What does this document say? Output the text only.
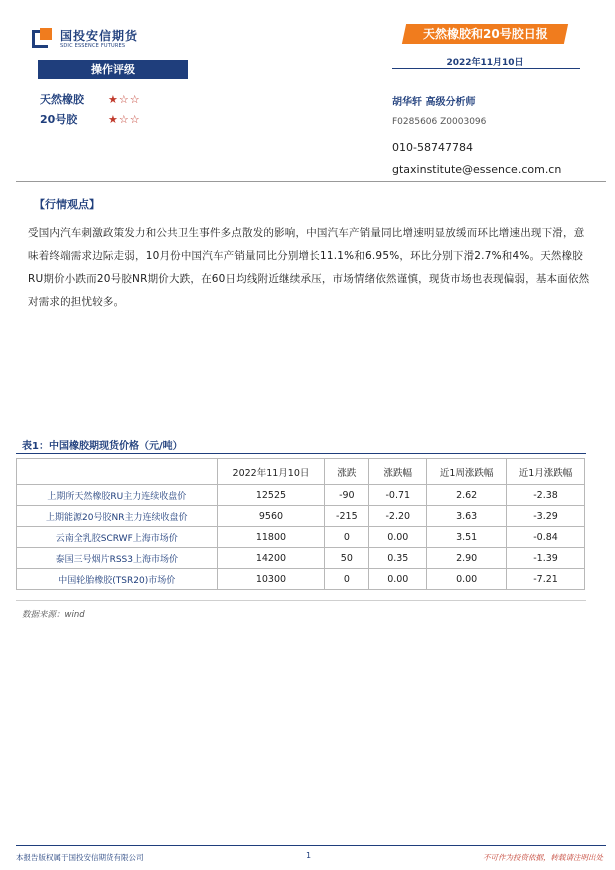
国投安信期货
SDIC ESSENCE FUTURES
天然橡胶和20号胶日报
2022年11月10日
操作评级
天然橡胶	★☆☆
20号胶	★☆☆
胡华轩 高级分析师
F0285606 Z0003096
010-58747784
gtaxinstitute@essence.com.cn
【行情观点】
受国内汽车刺激政策发力和公共卫生事件多点散发的影响，中国汽车产销量同比增速明显放缓而环比增速出现下滑，意味着终端需求边际走弱，10月份中国汽车产销量同比分别增长11.1%和6.95%，环比分别下滑2.7%和4%。天然橡胶RU期价小跌而20号胶NR期价大跌，在60日均线附近继续承压，市场情绪依然谨慎，现货市场也表现偏弱，基本面依然对需求的担忧较多。
表1：中国橡胶期现货价格（元/吨）
	2022年11月10日	涨跌	涨跌幅	近1周涨跌幅	近1月涨跌幅
上期所天然橡胶RU主力连续收盘价	12525	-90	-0.71	2.62	-2.38
上期能源20号胶NR主力连续收盘价	9560	-215	-2.20	3.63	-3.29
云南全乳胶SCRWF上海市场价	11800	0	0.00	3.51	-0.84
泰国三号烟片RSS3上海市场价	14200	50	0.35	2.90	-1.39
中国轮胎橡胶(TSR20)市场价	10300	0	0.00	0.00	-7.21
数据来源：wind
本报告版权属于国投安信期货有限公司	1	不可作为投资依据，转载请注明出处
